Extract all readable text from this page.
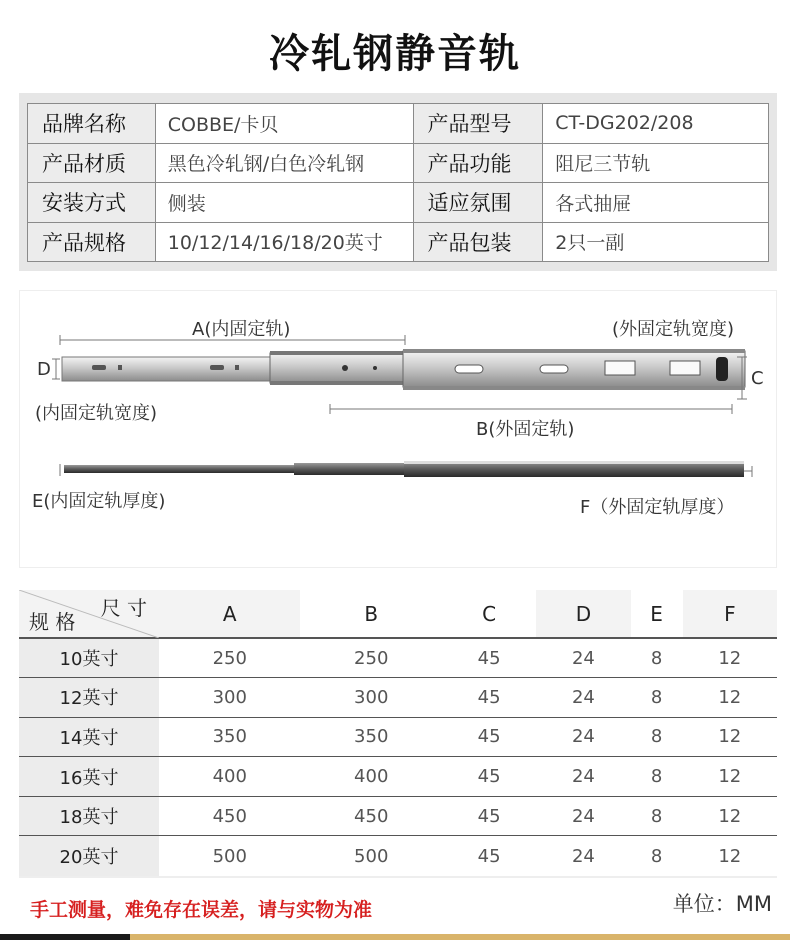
冷轧钢静音轨
品牌名称	COBBE/卡贝	产品型号	CT-DG202/208
产品材质	黑色冷轧钢/白色冷轧钢	产品功能	阻尼三节轨
安装方式	侧装	适应氛围	各式抽屉
产品规格	10/12/14/16/18/20英寸	产品包装	2只一副
A(内固定轨)	(外固定轨宽度)
D	C
(内固定轨宽度)
B(外固定轨)
E(内固定轨厚度)	F（外固定轨厚度）
尺 寸
规 格	A	B	C	D	E	F
10英寸	250	250	45	24	8	12
12英寸	300	300	45	24	8	12
14英寸	350	350	45	24	8	12
16英寸	400	400	45	24	8	12
18英寸	450	450	45	24	8	12
20英寸	500	500	45	24	8	12
手工测量，难免存在误差，请与实物为准	单位：MM
